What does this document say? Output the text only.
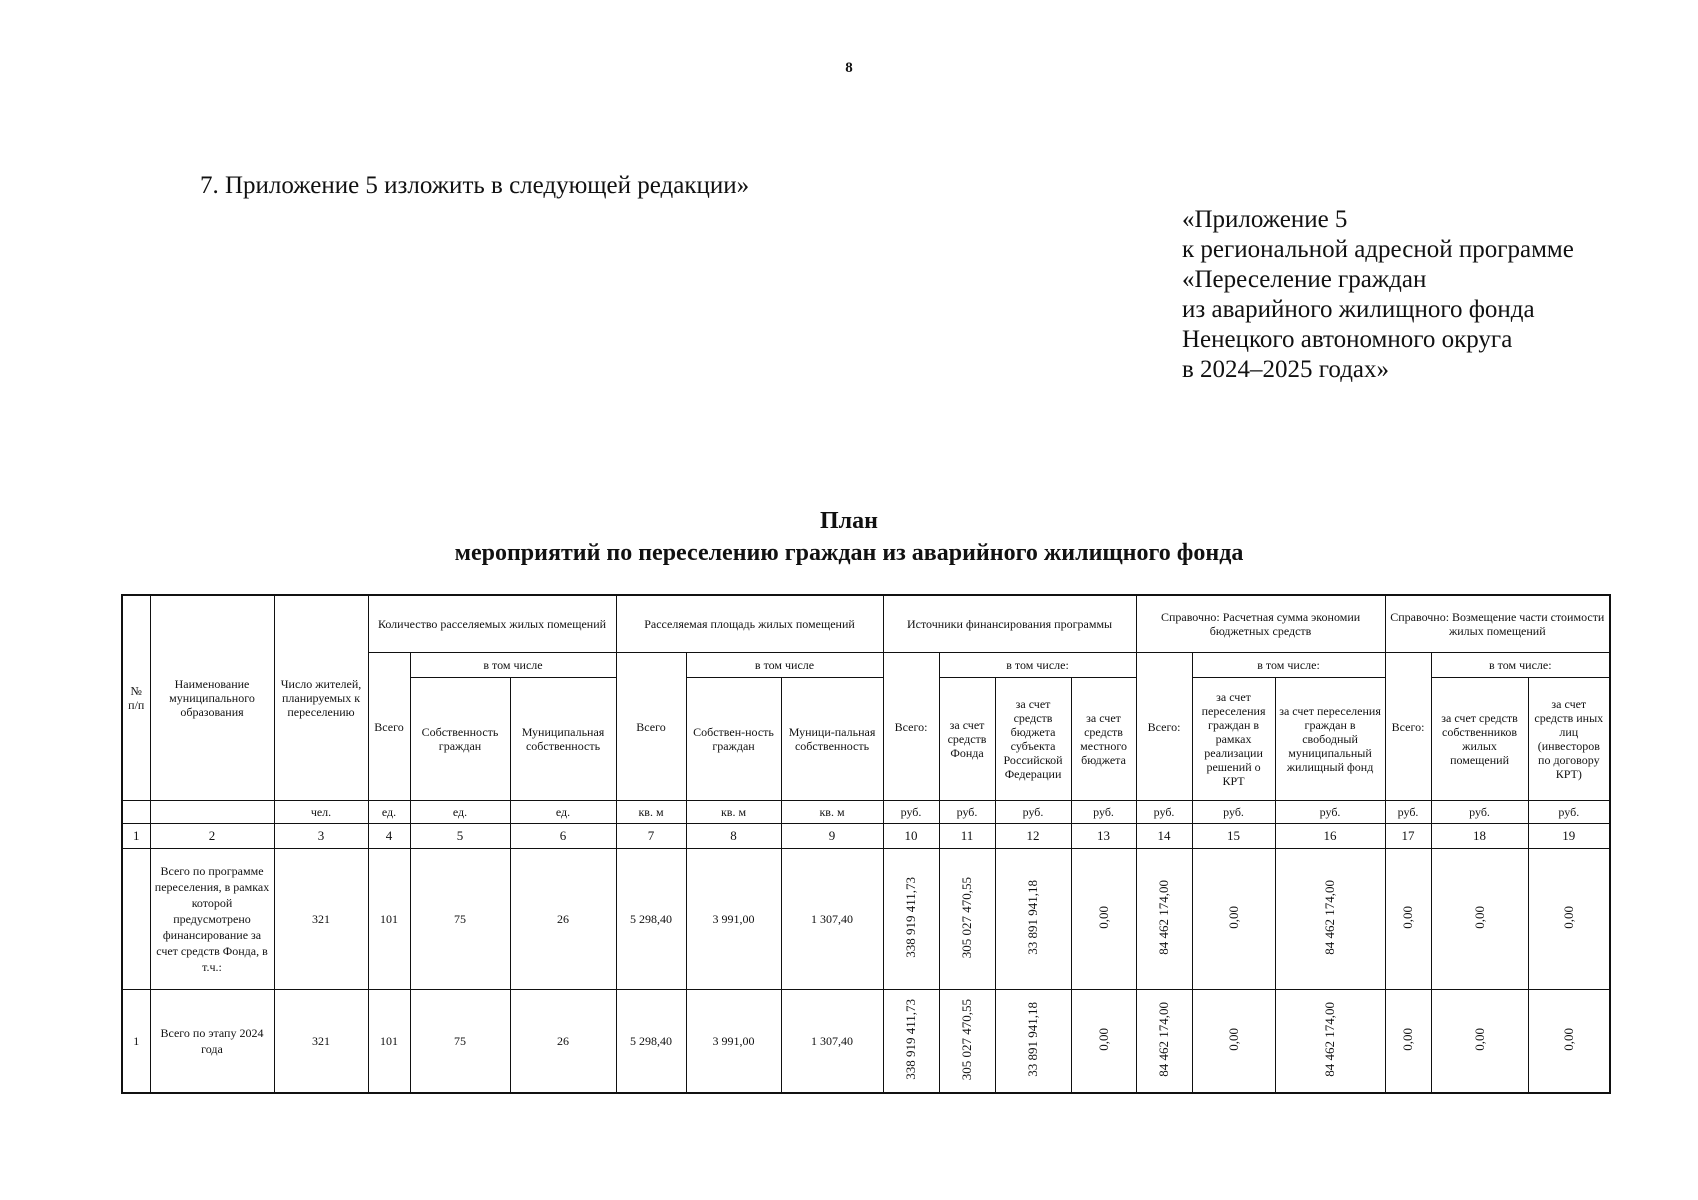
8
7. Приложение 5 изложить в следующей редакции»
«Приложение 5
к региональной адресной программе
«Переселение граждан
из аварийного жилищного фонда
Ненецкого автономного округа
в 2024–2025 годах»
План
мероприятий по переселению граждан из аварийного жилищного фонда
№ п/п	Наименование муниципального образования	Число жителей, планируемых к переселению	Количество расселяемых жилых помещений			Расселяемая площадь жилых помещений			Источники финансирования программы				Справочно: Расчетная сумма экономии бюджетных средств			Справочно: Возмещение части стоимости жилых помещений		
			Всего	в том числе		Всего	в том числе		Всего:	в том числе:			Всего:	в том числе:		Всего:	в том числе:	
				Собственность граждан	Муниципальная собственность		Собствен-ность граждан	Муници-пальная собственность		за счет средств Фонда	за счет средств бюджета субъекта Российской Федерации	за счет средств местного бюджета		за счет переселения граждан в рамках реализации решений о КРТ	за счет переселения граждан в свободный муниципальный жилищный фонд		за счет средств собственников жилых помещений	за счет средств иных лиц (инвесторов по договору КРТ)
		чел.	ед.	ед.	ед.	кв. м	кв. м	кв. м	руб.	руб.	руб.	руб.	руб.	руб.	руб.	руб.	руб.	руб.
1	2	3	4	5	6	7	8	9	10	11	12	13	14	15	16	17	18	19
	Всего по программе переселения, в рамках которой предусмотрено финансирование за счет средств Фонда, в т.ч.:	321	101	75	26	5 298,40	3 991,00	1 307,40	338 919 411,73	305 027 470,55	33 891 941,18	0,00	84 462 174,00	0,00	84 462 174,00	0,00	0,00	0,00
1	Всего по этапу 2024 года	321	101	75	26	5 298,40	3 991,00	1 307,40	338 919 411,73	305 027 470,55	33 891 941,18	0,00	84 462 174,00	0,00	84 462 174,00	0,00	0,00	0,00
